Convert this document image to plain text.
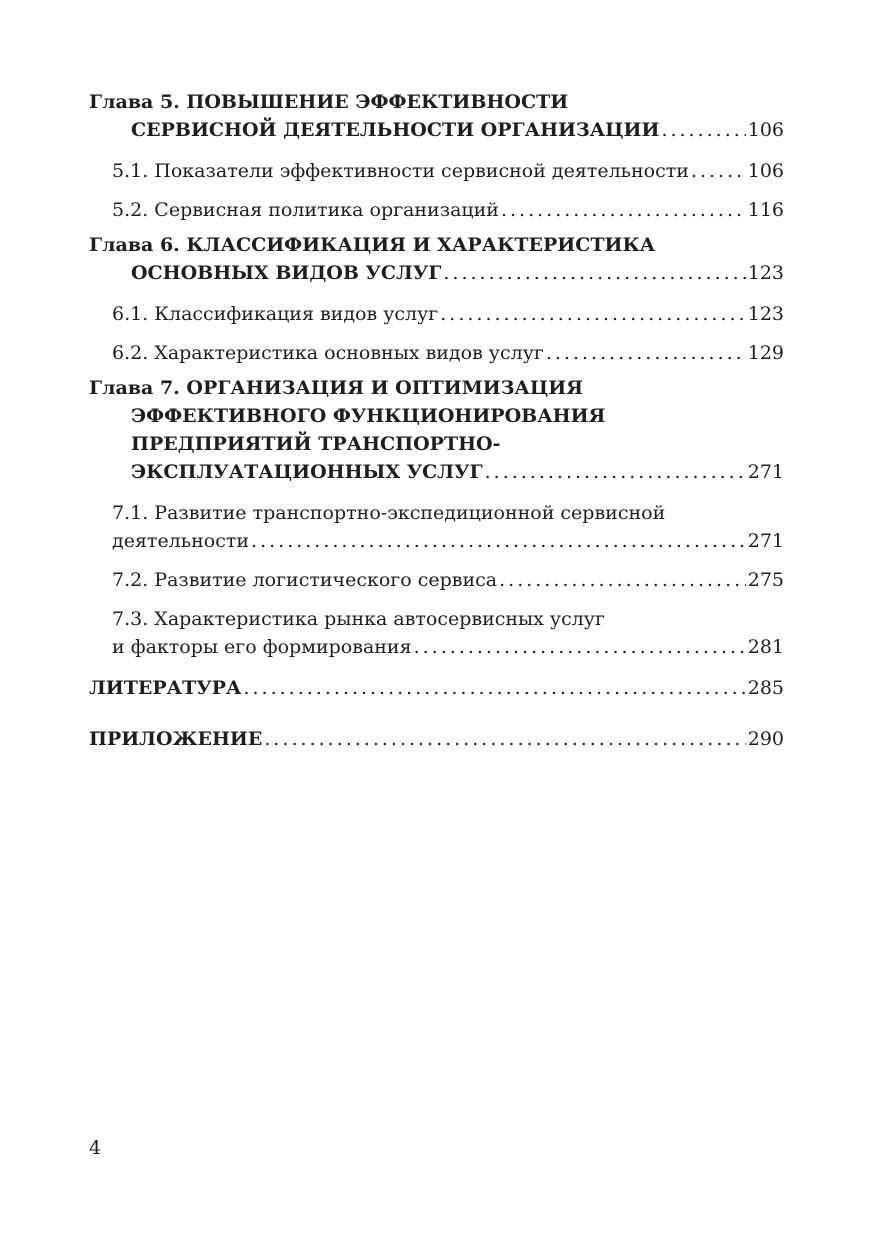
Глава 5. ПОВЫШЕНИЕ ЭФФЕКТИВНОСТИ
СЕРВИСНОЙ ДЕЯТЕЛЬНОСТИ ОРГАНИЗАЦИИ .....	106
5.1. Показатели эффективности сервисной деятельности .....	106
5.2. Сервисная политика организаций .....	116
Глава 6. КЛАССИФИКАЦИЯ И ХАРАКТЕРИСТИКА
ОСНОВНЫХ ВИДОВ УСЛУГ .....	123
6.1. Классификация видов услуг .....	123
6.2. Характеристика основных видов услуг .....	129
Глава 7. ОРГАНИЗАЦИЯ И ОПТИМИЗАЦИЯ
ЭФФЕКТИВНОГО ФУНКЦИОНИРОВАНИЯ
ПРЕДПРИЯТИЙ ТРАНСПОРТНО-
ЭКСПЛУАТАЦИОННЫХ УСЛУГ .....	271
7.1. Развитие транспортно-экспедиционной сервисной
деятельности .....	271
7.2. Развитие логистического сервиса .....	275
7.3. Характеристика рынка автосервисных услуг
и факторы его формирования .....	281
ЛИТЕРАТУРА .....	285
ПРИЛОЖЕНИЕ .....	290
4
